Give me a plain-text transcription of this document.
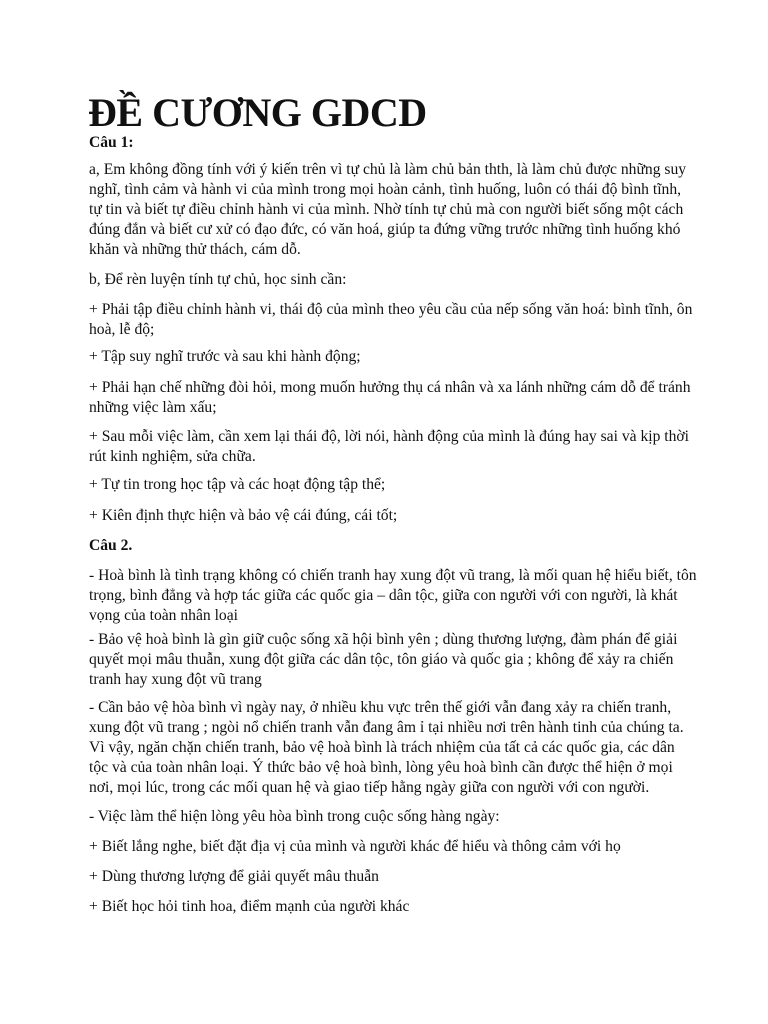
ĐỀ CƯƠNG GDCD
Câu 1:
a, Em không đồng tính với ý kiến trên vì tự chủ là làm chủ bản thth, là làm chủ được những suy
nghĩ, tình cảm và hành vi của mình trong mọi hoàn cảnh, tình huống, luôn có thái độ bình tĩnh,
tự tin và biết tự điều chỉnh hành vi của mình. Nhờ tính tự chủ mà con người biết sống một cách
đúng đắn và biết cư xử có đạo đức, có văn hoá, giúp ta đứng vững trước những tình huống khó
khăn và những thử thách, cám dỗ.
b, Để rèn luyện tính tự chủ, học sinh cần:
+ Phải tập điều chỉnh hành vi, thái độ của mình theo yêu cầu của nếp sống văn hoá: bình tĩnh, ôn
hoà, lễ độ;
+ Tập suy nghĩ trước và sau khi hành động;
+ Phải hạn chế những đòi hỏi, mong muốn hưởng thụ cá nhân và xa lánh những cám dỗ để tránh
những việc làm xấu;
+ Sau mỗi việc làm, cần xem lại thái độ, lời nói, hành động của mình là đúng hay sai và kịp thời
rút kinh nghiệm, sửa chữa.
+ Tự tin trong học tập và các hoạt động tập thể;
+ Kiên định thực hiện và bảo vệ cái đúng, cái tốt;
Câu 2.
- Hoà bình là tình trạng không có chiến tranh hay xung đột vũ trang, là mối quan hệ hiểu biết, tôn
trọng, bình đẳng và hợp tác giữa các quốc gia – dân tộc, giữa con người với con người, là khát
vọng của toàn nhân loại
- Bảo vệ hoà bình là gìn giữ cuộc sống xã hội bình yên ; dùng thương lượng, đàm phán để giải
quyết mọi mâu thuẫn, xung đột giữa các dân tộc, tôn giáo và quốc gia ; không để xảy ra chiến
tranh hay xung đột vũ trang
- Cần bảo vệ hòa bình vì ngày nay, ở nhiều khu vực trên thế giới vẫn đang xảy ra chiến tranh,
xung đột vũ trang ; ngòi nổ chiến tranh vẫn đang âm ỉ tại nhiều nơi trên hành tinh của chúng ta.
Vì vậy, ngăn chặn chiến tranh, bảo vệ hoà bình là trách nhiệm của tất cả các quốc gia, các dân
tộc và của toàn nhân loại. Ý thức bảo vệ hoà bình, lòng yêu hoà bình cần được thể hiện ở mọi
nơi, mọi lúc, trong các mối quan hệ và giao tiếp hằng ngày giữa con người với con người.
- Việc làm thể hiện lòng yêu hòa bình trong cuộc sống hàng ngày:
+ Biết lắng nghe, biết đặt địa vị của mình và người khác để hiểu và thông cảm với họ
+ Dùng thương lượng để giải quyết mâu thuẫn
+ Biết học hỏi tinh hoa, điểm mạnh của người khác
